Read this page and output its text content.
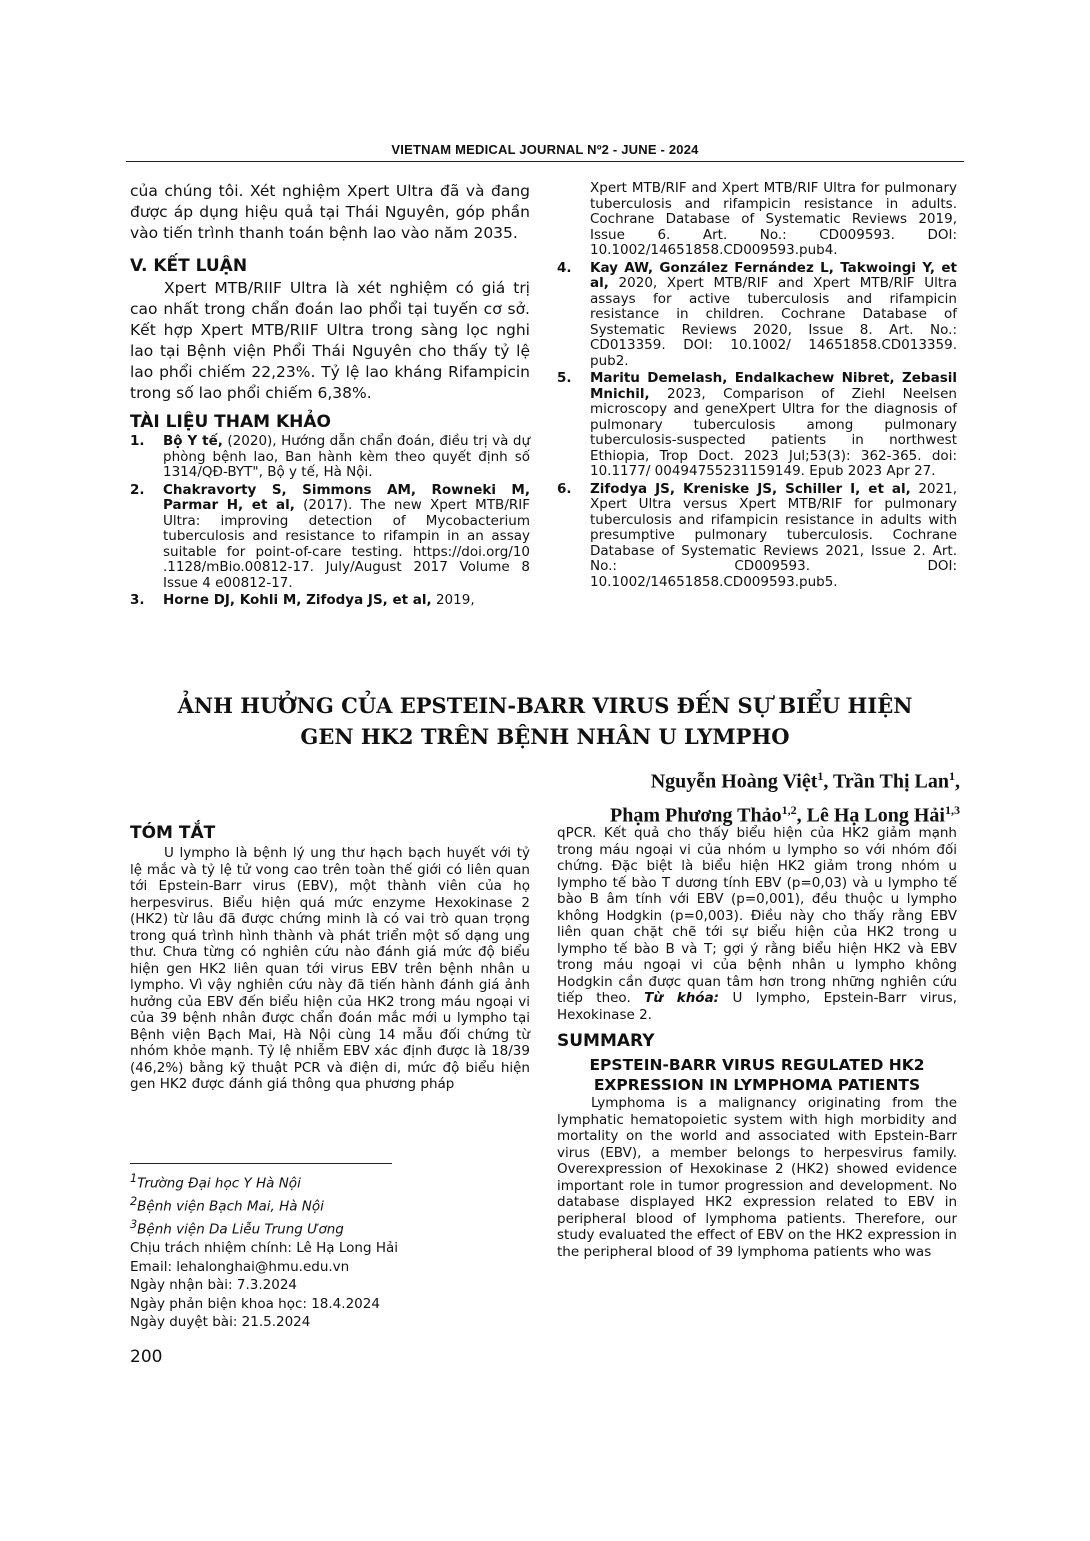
VIETNAM MEDICAL JOURNAL Nº2 - JUNE - 2024
của chúng tôi. Xét nghiệm Xpert Ultra đã và đang được áp dụng hiệu quả tại Thái Nguyên, góp phần vào tiến trình thanh toán bệnh lao vào năm 2035.
V. KẾT LUẬN
Xpert MTB/RIIF Ultra là xét nghiệm có giá trị cao nhất trong chẩn đoán lao phổi tại tuyến cơ sở. Kết hợp Xpert MTB/RIIF Ultra trong sàng lọc nghi lao tại Bệnh viện Phổi Thái Nguyên cho thấy tỷ lệ lao phổi chiếm 22,23%. Tỷ lệ lao kháng Rifampicin trong số lao phổi chiếm 6,38%.
TÀI LIỆU THAM KHẢO
1.	Bộ Y tế, (2020), Hướng dẫn chẩn đoán, điều trị và dự phòng bệnh lao, Ban hành kèm theo quyết định số 1314/QĐ-BYT", Bộ y tế, Hà Nội.
2.	Chakravorty S, Simmons AM, Rowneki M, Parmar H, et al, (2017). The new Xpert MTB/RIF Ultra: improving detection of Mycobacterium tuberculosis and resistance to rifampin in an assay suitable for point-of-care testing. https://doi.org/10 .1128/mBio.00812-17. July/August 2017 Volume 8 Issue 4 e00812-17.
3.	Horne DJ, Kohli M, Zifodya JS, et al, 2019,
Xpert MTB/RIF and Xpert MTB/RIF Ultra for pulmonary tuberculosis and rifampicin resistance in adults. Cochrane Database of Systematic Reviews 2019, Issue 6. Art. No.: CD009593. DOI: 10.1002/14651858.CD009593.pub4.
4.	Kay AW, González Fernández L, Takwoingi Y, et al, 2020, Xpert MTB/RIF and Xpert MTB/RIF Ultra assays for active tuberculosis and rifampicin resistance in children. Cochrane Database of Systematic Reviews 2020, Issue 8. Art. No.: CD013359. DOI: 10.1002/ 14651858.CD013359. pub2.
5.	Maritu Demelash, Endalkachew Nibret, Zebasil Mnichil, 2023, Comparison of Ziehl Neelsen microscopy and geneXpert Ultra for the diagnosis of pulmonary tuberculosis among pulmonary tuberculosis-suspected patients in northwest Ethiopia, Trop Doct. 2023 Jul;53(3): 362-365. doi: 10.1177/ 00494755231159149. Epub 2023 Apr 27.
6.	Zifodya JS, Kreniske JS, Schiller I, et al, 2021, Xpert Ultra versus Xpert MTB/RIF for pulmonary tuberculosis and rifampicin resistance in adults with presumptive pulmonary tuberculosis. Cochrane Database of Systematic Reviews 2021, Issue 2. Art. No.: CD009593. DOI: 10.1002/14651858.CD009593.pub5.
ẢNH HƯỞNG CỦA EPSTEIN-BARR VIRUS ĐẾN SỰ BIỂU HIỆN
GEN HK2 TRÊN BỆNH NHÂN U LYMPHO
Nguyễn Hoàng Việt$^1$, Trần Thị Lan$^1$,
Phạm Phương Thảo$^{1,2}$, Lê Hạ Long Hải$^{1,3}$
TÓM TẮT
U lympho là bệnh lý ung thư hạch bạch huyết với tỷ lệ mắc và tỷ lệ tử vong cao trên toàn thế giới có liên quan tới Epstein-Barr virus (EBV), một thành viên của họ herpesvirus. Biểu hiện quá mức enzyme Hexokinase 2 (HK2) từ lâu đã được chứng minh là có vai trò quan trọng trong quá trình hình thành và phát triển một số dạng ung thư. Chưa từng có nghiên cứu nào đánh giá mức độ biểu hiện gen HK2 liên quan tới virus EBV trên bệnh nhân u lympho. Vì vậy nghiên cứu này đã tiến hành đánh giá ảnh hưởng của EBV đến biểu hiện của HK2 trong máu ngoại vi của 39 bệnh nhân được chẩn đoán mắc mới u lympho tại Bệnh viện Bạch Mai, Hà Nội cùng 14 mẫu đối chứng từ nhóm khỏe mạnh. Tỷ lệ nhiễm EBV xác định được là 18/39 (46,2%) bằng kỹ thuật PCR và điện di, mức độ biểu hiện gen HK2 được đánh giá thông qua phương pháp
qPCR. Kết quả cho thấy biểu hiện của HK2 giảm mạnh trong máu ngoại vi của nhóm u lympho so với nhóm đối chứng. Đặc biệt là biểu hiện HK2 giảm trong nhóm u lympho tế bào T dương tính EBV (p=0,03) và u lympho tế bào B âm tính với EBV (p=0,001), đều thuộc u lympho không Hodgkin (p=0,003). Điều này cho thấy rằng EBV liên quan chặt chẽ tới sự biểu hiện của HK2 trong u lympho tế bào B và T; gợi ý rằng biểu hiện HK2 và EBV trong máu ngoại vi của bệnh nhân u lympho không Hodgkin cần được quan tâm hơn trong những nghiên cứu tiếp theo. Từ khóa: U lympho, Epstein-Barr virus, Hexokinase 2.
SUMMARY
EPSTEIN-BARR VIRUS REGULATED HK2
EXPRESSION IN LYMPHOMA PATIENTS
Lymphoma is a malignancy originating from the lymphatic hematopoietic system with high morbidity and mortality on the world and associated with Epstein-Barr virus (EBV), a member belongs to herpesvirus family. Overexpression of Hexokinase 2 (HK2) showed evidence important role in tumor progression and development. No database displayed HK2 expression related to EBV in peripheral blood of lymphoma patients. Therefore, our study evaluated the effect of EBV on the HK2 expression in the peripheral blood of 39 lymphoma patients who was
$^1$Trường Đại học Y Hà Nội
$^2$Bệnh viện Bạch Mai, Hà Nội
$^3$Bệnh viện Da Liễu Trung Ương
Chịu trách nhiệm chính: Lê Hạ Long Hải
Email: lehalonghai@hmu.edu.vn
Ngày nhận bài: 7.3.2024
Ngày phản biện khoa học: 18.4.2024
Ngày duyệt bài: 21.5.2024
200
